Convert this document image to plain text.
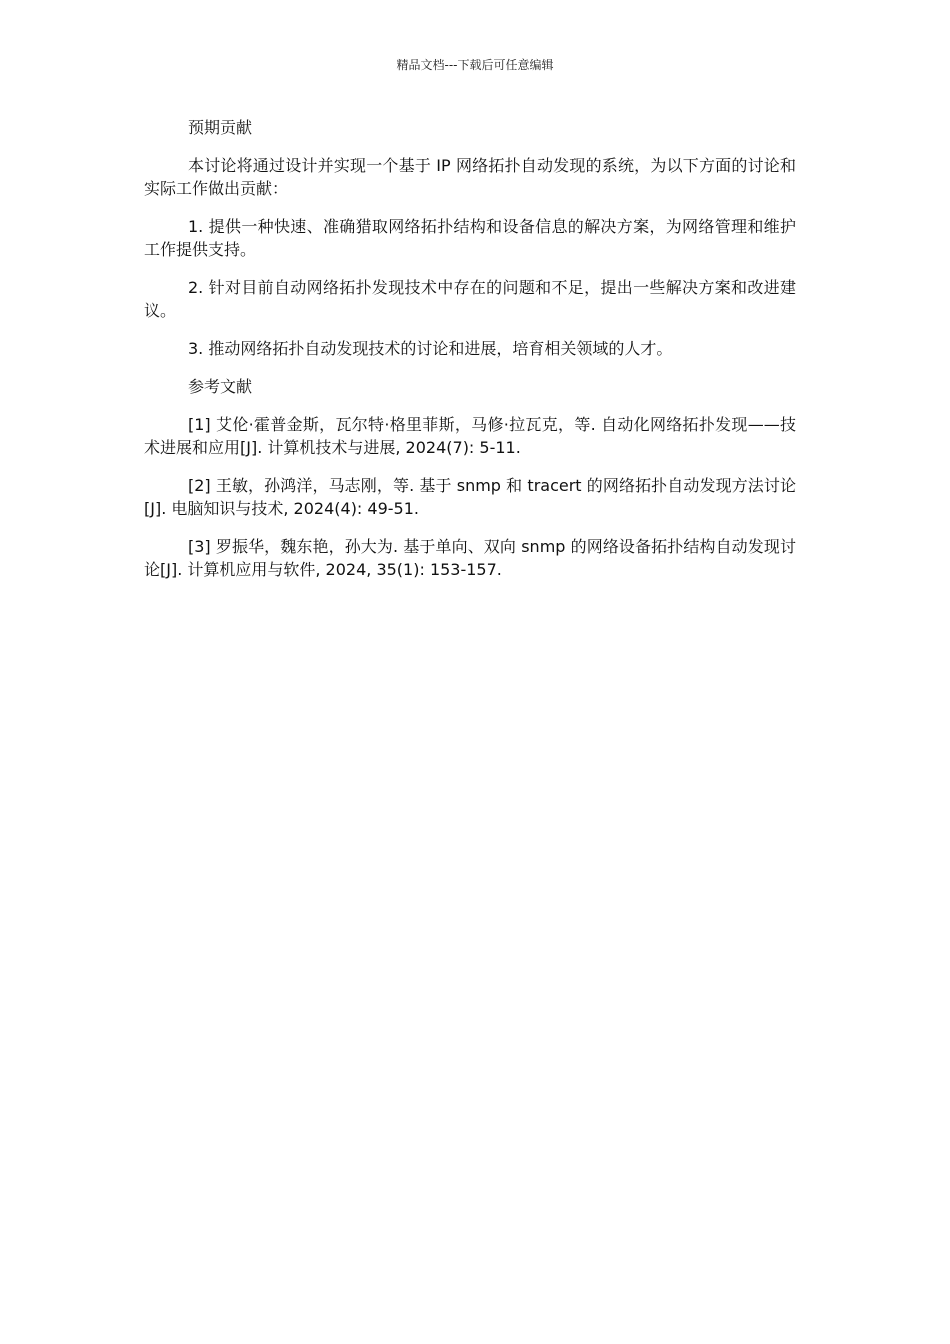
精品文档---下载后可任意编辑

预期贡献

本讨论将通过设计并实现一个基于 IP 网络拓扑自动发现的系统，为以下方面的讨论和实际工作做出贡献：

1. 提供一种快速、准确猎取网络拓扑结构和设备信息的解决方案，为网络管理和维护工作提供支持。

2. 针对目前自动网络拓扑发现技术中存在的问题和不足，提出一些解决方案和改进建议。

3. 推动网络拓扑自动发现技术的讨论和进展，培育相关领域的人才。

参考文献

[1] 艾伦·霍普金斯，瓦尔特·格里菲斯，马修·拉瓦克，等. 自动化网络拓扑发现——技术进展和应用[J]. 计算机技术与进展, 2024(7): 5-11.

[2] 王敏，孙鸿洋，马志刚，等. 基于 snmp 和 tracert 的网络拓扑自动发现方法讨论[J]. 电脑知识与技术, 2024(4): 49-51.

[3] 罗振华，魏东艳，孙大为. 基于单向、双向 snmp 的网络设备拓扑结构自动发现讨论[J]. 计算机应用与软件, 2024, 35(1): 153-157.
